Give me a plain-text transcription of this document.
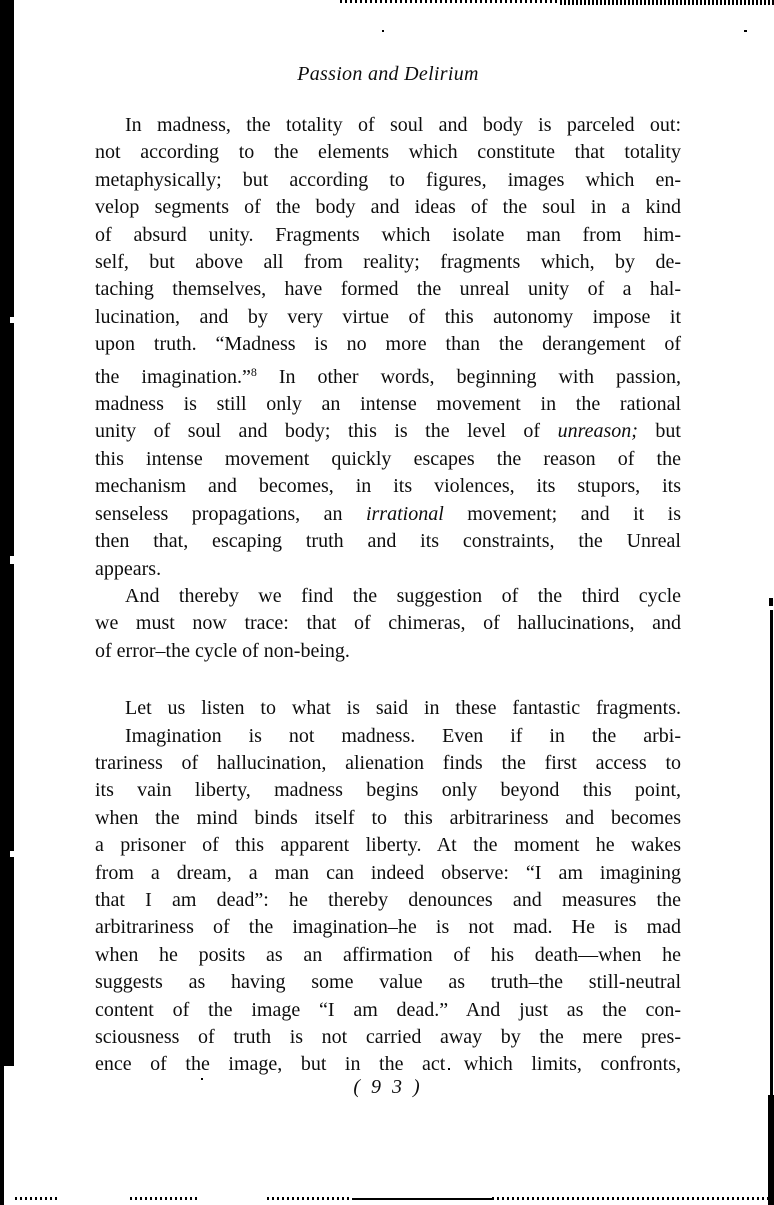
Passion and Delirium
In madness, the totality of soul and body is parceled out:
not according to the elements which constitute that totality
metaphysically; but according to figures, images which en-
velop segments of the body and ideas of the soul in a kind
of absurd unity. Fragments which isolate man from him-
self, but above all from reality; fragments which, by de-
taching themselves, have formed the unreal unity of a hal-
lucination, and by very virtue of this autonomy impose it
upon truth. “Madness is no more than the derangement of
the imagination.”$^8$ In other words, beginning with passion,
madness is still only an intense movement in the rational
unity of soul and body; this is the level of unreason; but
this intense movement quickly escapes the reason of the
mechanism and becomes, in its violences, its stupors, its
senseless propagations, an irrational movement; and it is
then that, escaping truth and its constraints, the Unreal
appears.
And thereby we find the suggestion of the third cycle
we must now trace: that of chimeras, of hallucinations, and
of error–the cycle of non-being.
Let us listen to what is said in these fantastic fragments.
Imagination is not madness. Even if in the arbi-
trariness of hallucination, alienation finds the first access to
its vain liberty, madness begins only beyond this point,
when the mind binds itself to this arbitrariness and becomes
a prisoner of this apparent liberty. At the moment he wakes
from a dream, a man can indeed observe: “I am imagining
that I am dead”: he thereby denounces and measures the
arbitrariness of the imagination–he is not mad. He is mad
when he posits as an affirmation of his death—when he
suggests as having some value as truth–the still-neutral
content of the image “I am dead.” And just as the con-
sciousness of truth is not carried away by the mere pres-
ence of the image, but in the act which limits, confronts,
( 9 3 )
